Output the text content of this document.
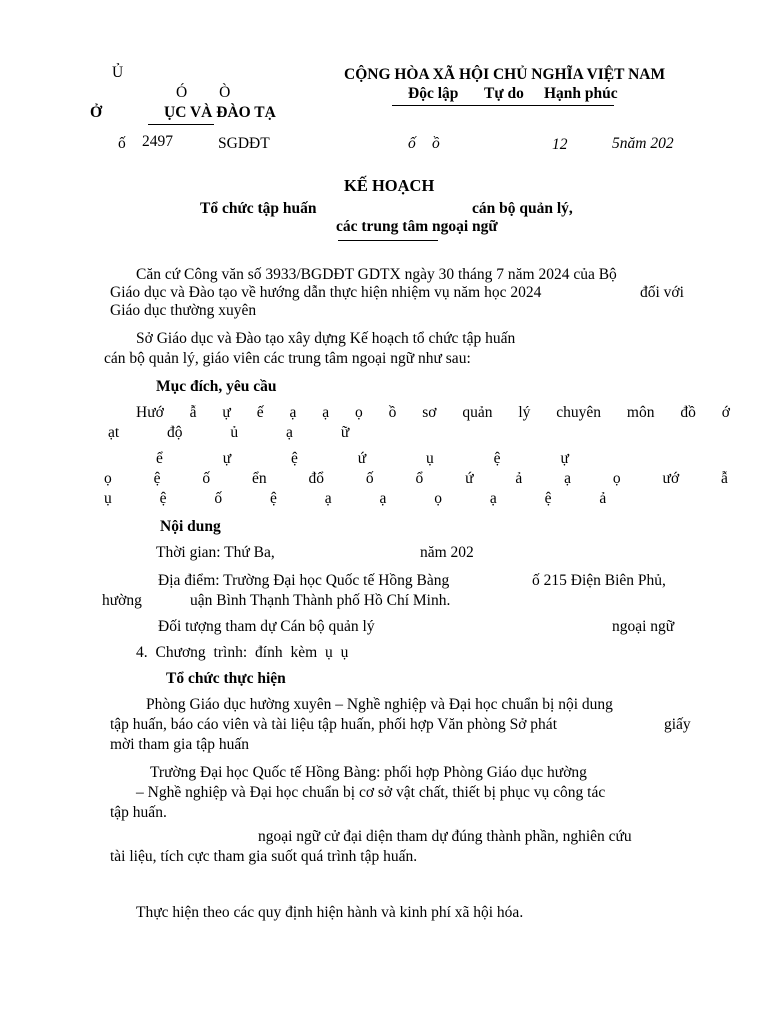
Ủ
Ó Ò
Ở	ỤC VÀ ĐÀO TẠ
CỘNG HÒA XÃ HỘI CHỦ NGHĨA VIỆT NAM
Độc lập Tự do Hạnh phúc
ố 2497	SGDĐT	ố ồ	12	5năm 202
KẾ HOẠCH
Tổ chức tập huấn	cán bộ quản lý,
các trung tâm ngoại ngữ
Căn cứ Công văn số 3933/BGDĐT GDTX ngày 30 tháng 7 năm 2024 của Bộ
Giáo dục và Đào tạo về hướng dẫn thực hiện nhiệm vụ năm học 2024	đối với
Giáo dục thường xuyên
Sở Giáo dục và Đào tạo xây dựng Kế hoạch tổ chức tập huấn
cán bộ quản lý, giáo viên các trung tâm ngoại ngữ như sau:
Mục đích, yêu cầu
Hướ ẫ ự ế ạ ạ ọ ồ sơ quản lý chuyên môn đồ ớ
ạt độ ủ ạ ữ
ể ự ệ ứ ụ ệ ự
ọ ệ ố ển đổ ố ổ ứ ả ạ ọ ướ ẫ
ụ ệ ố ệ ạ ạ ọ ạ ệ ả
Nội dung
Thời gian: Thứ Ba,	năm 202
Địa điểm: Trường Đại học Quốc tế Hồng Bàng	ố 215 Điện Biên Phủ,
hường	uận Bình Thạnh Thành phố Hồ Chí Minh.
Đối tượng tham dự Cán bộ quản lý	ngoại ngữ
4. Chương trình: đính kèm ụ ụ
Tổ chức thực hiện
Phòng Giáo dục hường xuyên – Nghề nghiệp và Đại học chuẩn bị nội dung
tập huấn, báo cáo viên và tài liệu tập huấn, phối hợp Văn phòng Sở phát	giấy
mời tham gia tập huấn
Trường Đại học Quốc tế Hồng Bàng: phối hợp Phòng Giáo dục hường
– Nghề nghiệp và Đại học chuẩn bị cơ sở vật chất, thiết bị phục vụ công tác
tập huấn.
ngoại ngữ cử đại diện tham dự đúng thành phần, nghiên cứu
tài liệu, tích cực tham gia suốt quá trình tập huấn.
Thực hiện theo các quy định hiện hành và kinh phí xã hội hóa.
